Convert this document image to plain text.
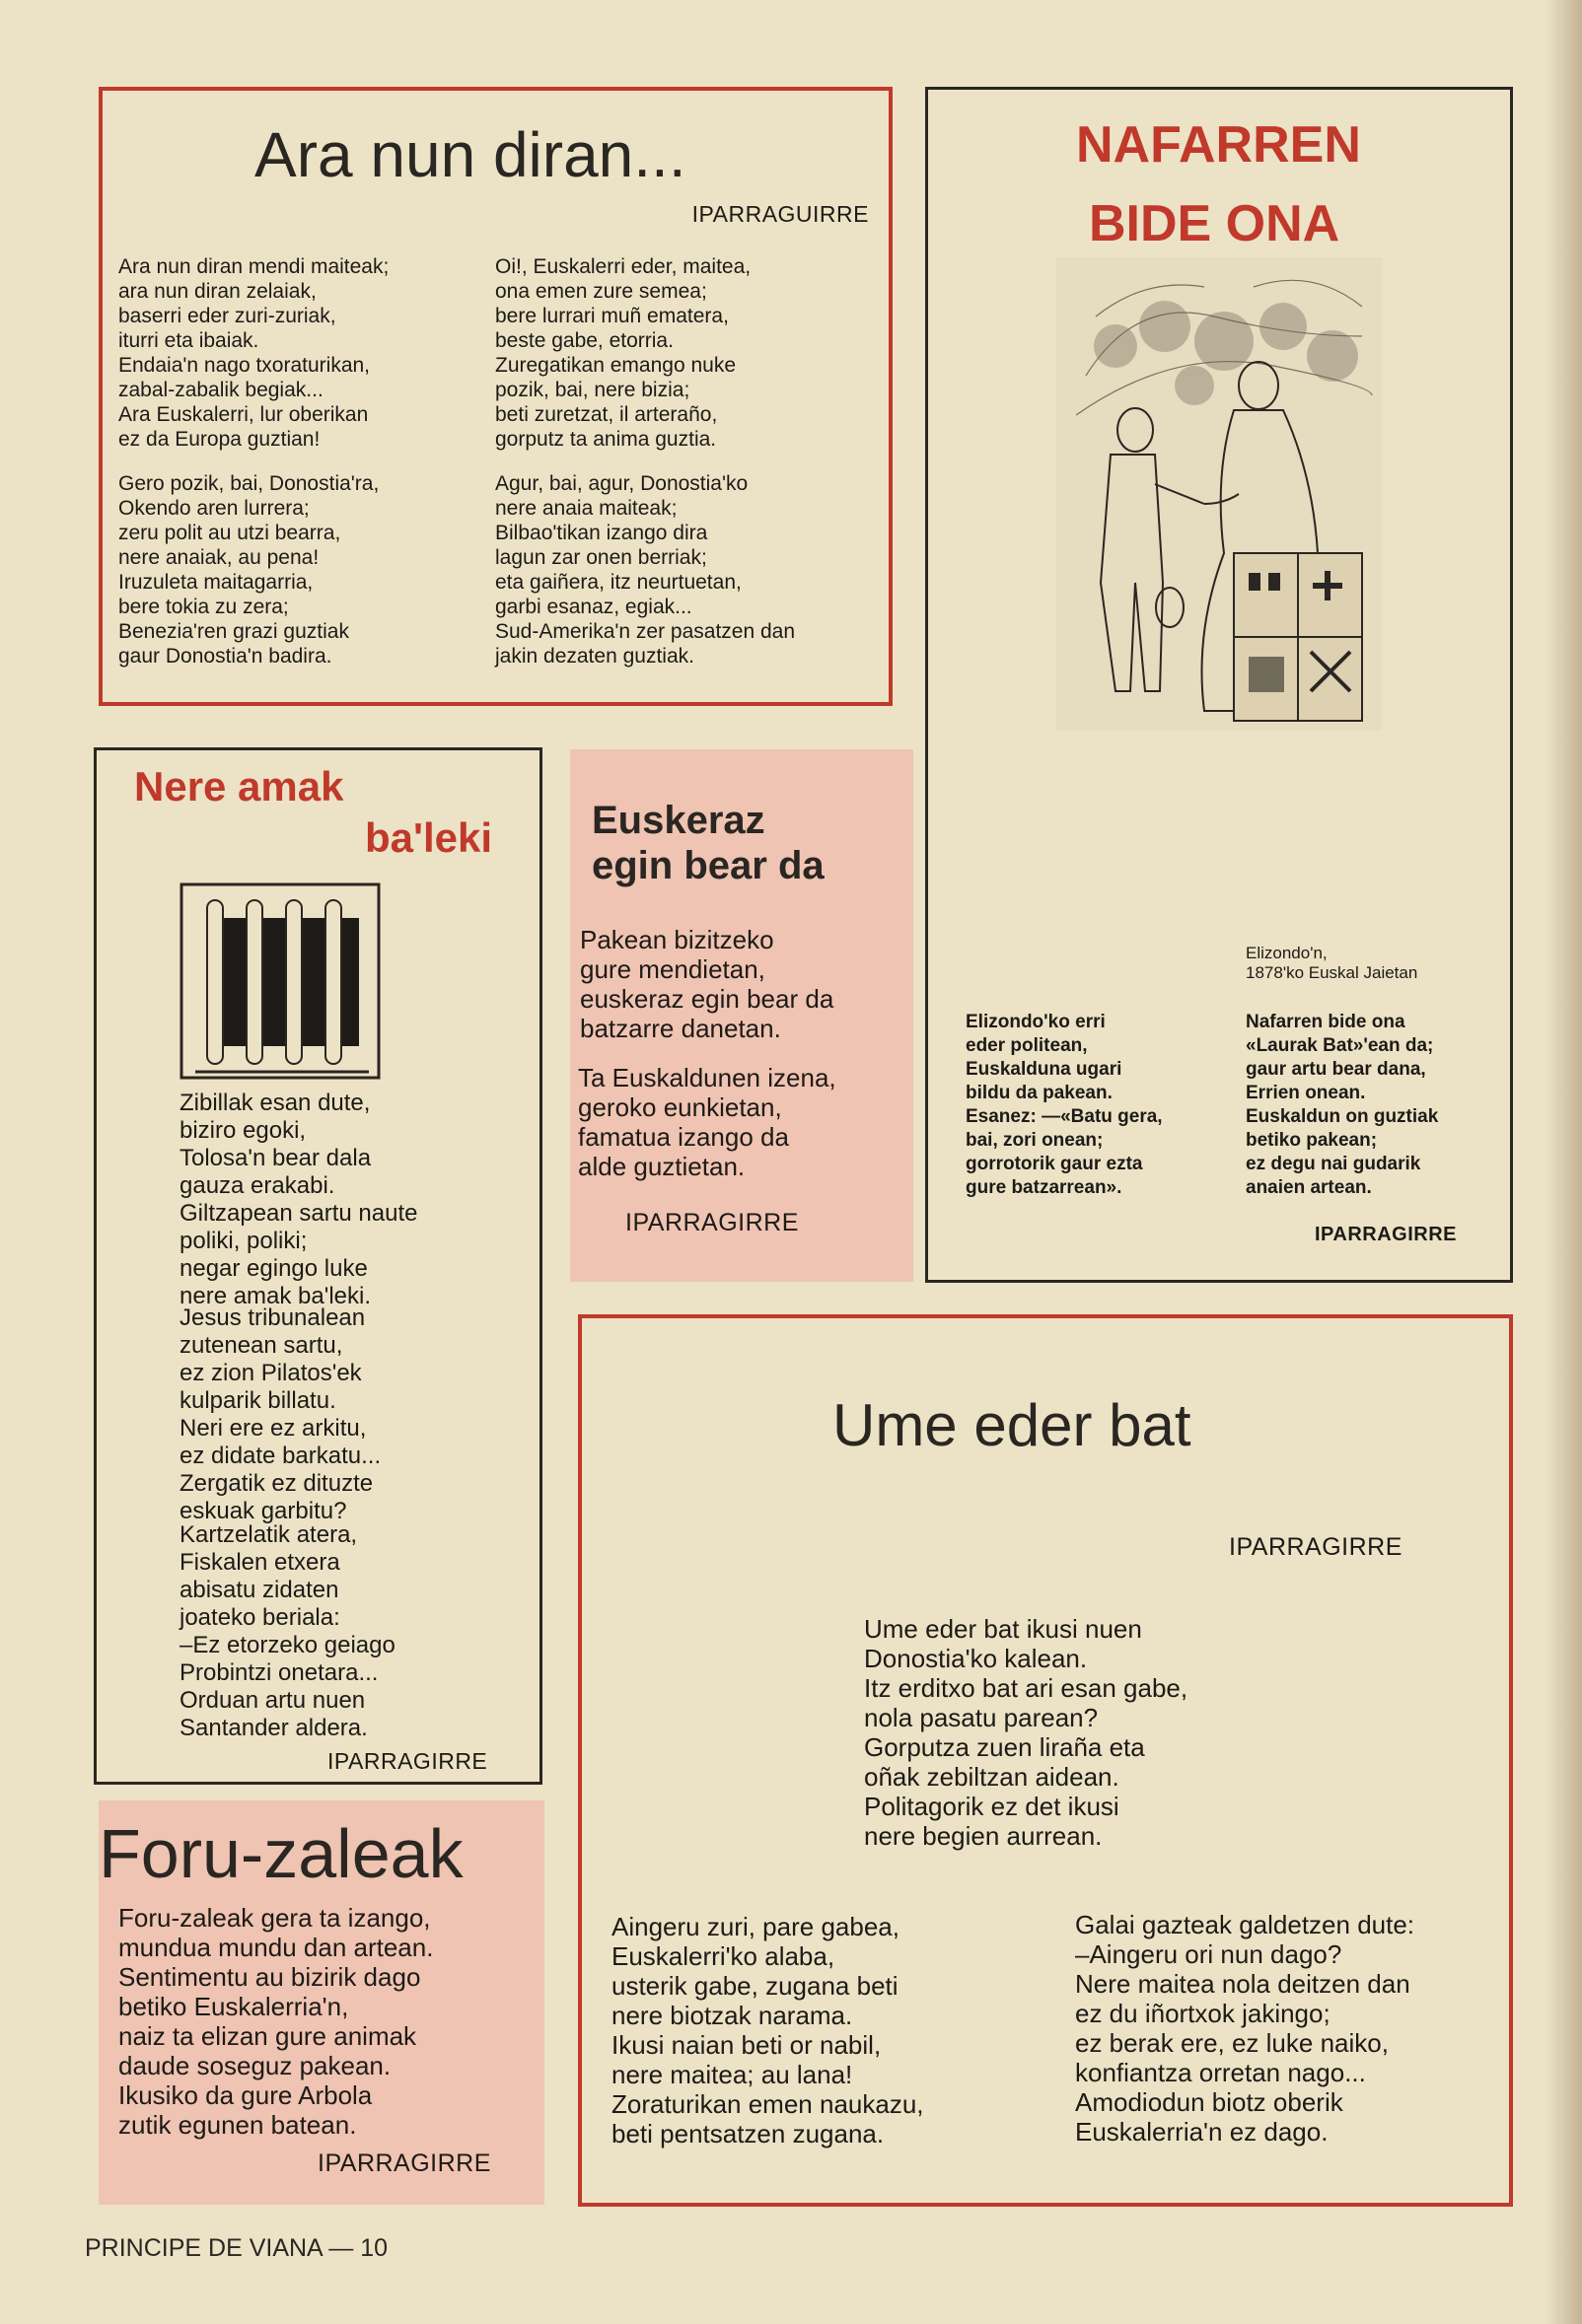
Ara nun diran...
IPARRAGUIRRE
Ara nun diran mendi maiteak;
ara nun diran zelaiak,
baserri eder zuri-zuriak,
iturri eta ibaiak.
Endaia'n nago txoraturikan,
zabal-zabalik begiak...
Ara Euskalerri, lur oberikan
ez da Europa guztian!
Gero pozik, bai, Donostia'ra,
Okendo aren lurrera;
zeru polit au utzi bearra,
nere anaiak, au pena!
Iruzuleta maitagarria,
bere tokia zu zera;
Benezia'ren grazi guztiak
gaur Donostia'n badira.
Oi!, Euskalerri eder, maitea,
ona emen zure semea;
bere lurrari muñ ematera,
beste gabe, etorria.
Zuregatikan emango nuke
pozik, bai, nere bizia;
beti zuretzat, il arteraño,
gorputz ta anima guztia.
Agur, bai, agur, Donostia'ko
nere anaia maiteak;
Bilbao'tikan izango dira
lagun zar onen berriak;
eta gaiñera, itz neurtuetan,
garbi esanaz, egiak...
Sud-Amerika'n zer pasatzen dan
jakin dezaten guztiak.
NAFARREN
BIDE ONA
Elizondo'n,
1878'ko Euskal Jaietan
Elizondo'ko erri
eder politean,
Euskalduna ugari
bildu da pakean.
Esanez: —«Batu gera,
bai, zori onean;
gorrotorik gaur ezta
gure batzarrean».
Nafarren bide ona
«Laurak Bat»'ean da;
gaur artu bear dana,
Errien onean.
Euskaldun on guztiak
betiko pakean;
ez degu nai gudarik
anaien artean.
IPARRAGIRRE
Nere amak
ba'leki
Zibillak esan dute,
biziro egoki,
Tolosa'n bear dala
gauza erakabi.
Giltzapean sartu naute
poliki, poliki;
negar egingo luke
nere amak ba'leki.
Jesus tribunalean
zutenean sartu,
ez zion Pilatos'ek
kulparik billatu.
Neri ere ez arkitu,
ez didate barkatu...
Zergatik ez dituzte
eskuak garbitu?
Kartzelatik atera,
Fiskalen etxera
abisatu zidaten
joateko beriala:
–Ez etorzeko geiago
Probintzi onetara...
Orduan artu nuen
Santander aldera.
IPARRAGIRRE
Euskeraz
egin bear da
Pakean bizitzeko
gure mendietan,
euskeraz egin bear da
batzarre danetan.
Ta Euskaldunen izena,
geroko eunkietan,
famatua izango da
alde guztietan.
IPARRAGIRRE
Ume eder bat
IPARRAGIRRE
Ume eder bat ikusi nuen
Donostia'ko kalean.
Itz erditxo bat ari esan gabe,
nola pasatu parean?
Gorputza zuen liraña eta
oñak zebiltzan aidean.
Politagorik ez det ikusi
nere begien aurrean.
Aingeru zuri, pare gabea,
Euskalerri'ko alaba,
usterik gabe, zugana beti
nere biotzak narama.
Ikusi naian beti or nabil,
nere maitea; au lana!
Zoraturikan emen naukazu,
beti pentsatzen zugana.
Galai gazteak galdetzen dute:
–Aingeru ori nun dago?
Nere maitea nola deitzen dan
ez du iñortxok jakingo;
ez berak ere, ez luke naiko,
konfiantza orretan nago...
Amodiodun biotz oberik
Euskalerria'n ez dago.
Foru-zaleak
Foru-zaleak gera ta izango,
mundua mundu dan artean.
Sentimentu au bizirik dago
betiko Euskalerria'n,
naiz ta elizan gure animak
daude soseguz pakean.
Ikusiko da gure Arbola
zutik egunen batean.
IPARRAGIRRE
PRINCIPE DE VIANA — 10
